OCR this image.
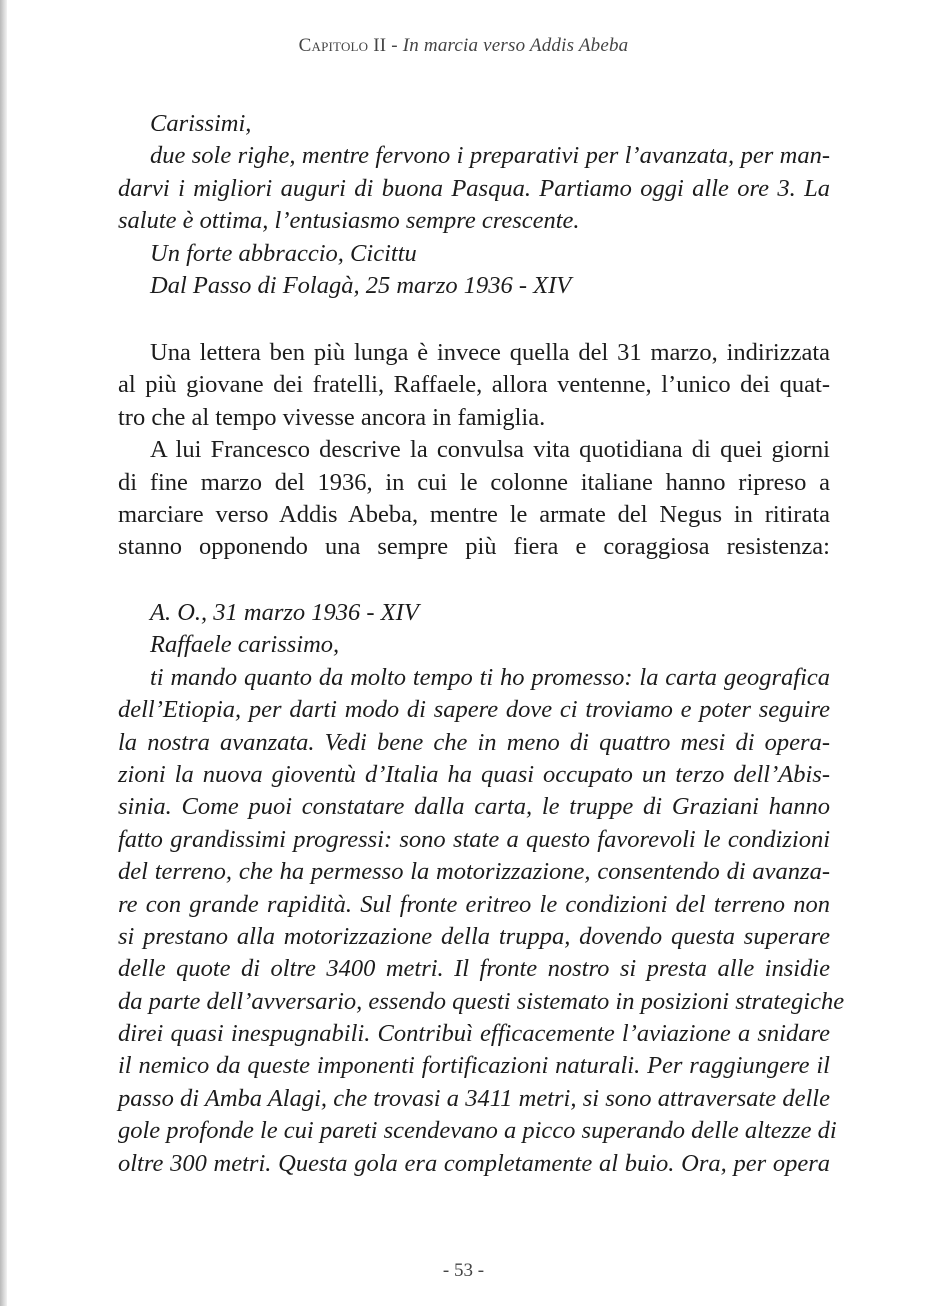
Capitolo II - In marcia verso Addis Abeba
Carissimi,
due sole righe, mentre fervono i preparativi per l’avanzata, per man-
darvi i migliori auguri di buona Pasqua. Partiamo oggi alle ore 3. La
salute è ottima, l’entusiasmo sempre crescente.
Un forte abbraccio, Cicittu
Dal Passo di Folagà, 25 marzo 1936 - XIV
Una lettera ben più lunga è invece quella del 31 marzo, indirizzata
al più giovane dei fratelli, Raffaele, allora ventenne, l’unico dei quat-
tro che al tempo vivesse ancora in famiglia.
A lui Francesco descrive la convulsa vita quotidiana di quei giorni
di fine marzo del 1936, in cui le colonne italiane hanno ripreso a
marciare verso Addis Abeba, mentre le armate del Negus in ritirata
stanno opponendo una sempre più fiera e coraggiosa resistenza:
A. O., 31 marzo 1936 - XIV
Raffaele carissimo,
ti mando quanto da molto tempo ti ho promesso: la carta geografica
dell’Etiopia, per darti modo di sapere dove ci troviamo e poter seguire
la nostra avanzata. Vedi bene che in meno di quattro mesi di opera-
zioni la nuova gioventù d’Italia ha quasi occupato un terzo dell’Abis-
sinia. Come puoi constatare dalla carta, le truppe di Graziani hanno
fatto grandissimi progressi: sono state a questo favorevoli le condizioni
del terreno, che ha permesso la motorizzazione, consentendo di avanza-
re con grande rapidità. Sul fronte eritreo le condizioni del terreno non
si prestano alla motorizzazione della truppa, dovendo questa superare
delle quote di oltre 3400 metri. Il fronte nostro si presta alle insidie
da parte dell’avversario, essendo questi sistemato in posizioni strategiche
direi quasi inespugnabili. Contribuì efficacemente l’aviazione a snidare
il nemico da queste imponenti fortificazioni naturali. Per raggiungere il
passo di Amba Alagi, che trovasi a 3411 metri, si sono attraversate delle
gole profonde le cui pareti scendevano a picco superando delle altezze di
oltre 300 metri. Questa gola era completamente al buio. Ora, per opera
- 53 -
